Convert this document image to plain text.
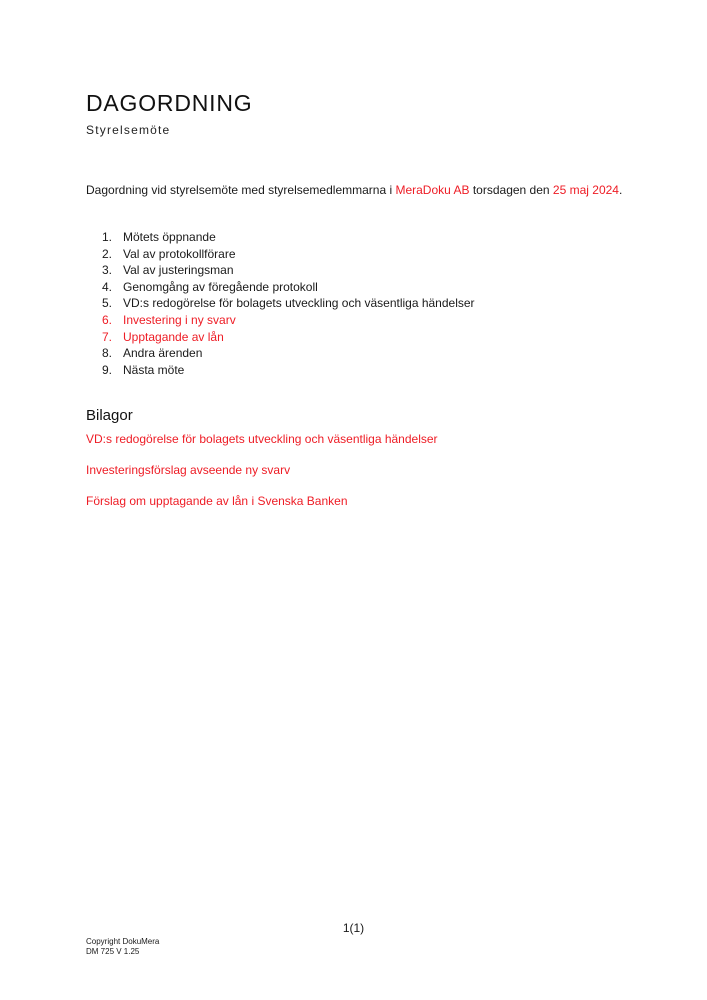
DAGORDNING
Styrelsemöte

Dagordning vid styrelsemöte med styrelsemedlemmarna i MeraDoku AB torsdagen den 25 maj 2024.

1. Mötets öppnande
2. Val av protokollförare
3. Val av justeringsman
4. Genomgång av föregående protokoll
5. VD:s redogörelse för bolagets utveckling och väsentliga händelser
6. Investering i ny svarv
7. Upptagande av lån
8. Andra ärenden
9. Nästa möte
Bilagor

VD:s redogörelse för bolagets utveckling och väsentliga händelser

Investeringsförslag avseende ny svarv

Förslag om upptagande av lån i Svenska Banken

1(1)
Copyright DokuMera
DM 725 V 1.25
